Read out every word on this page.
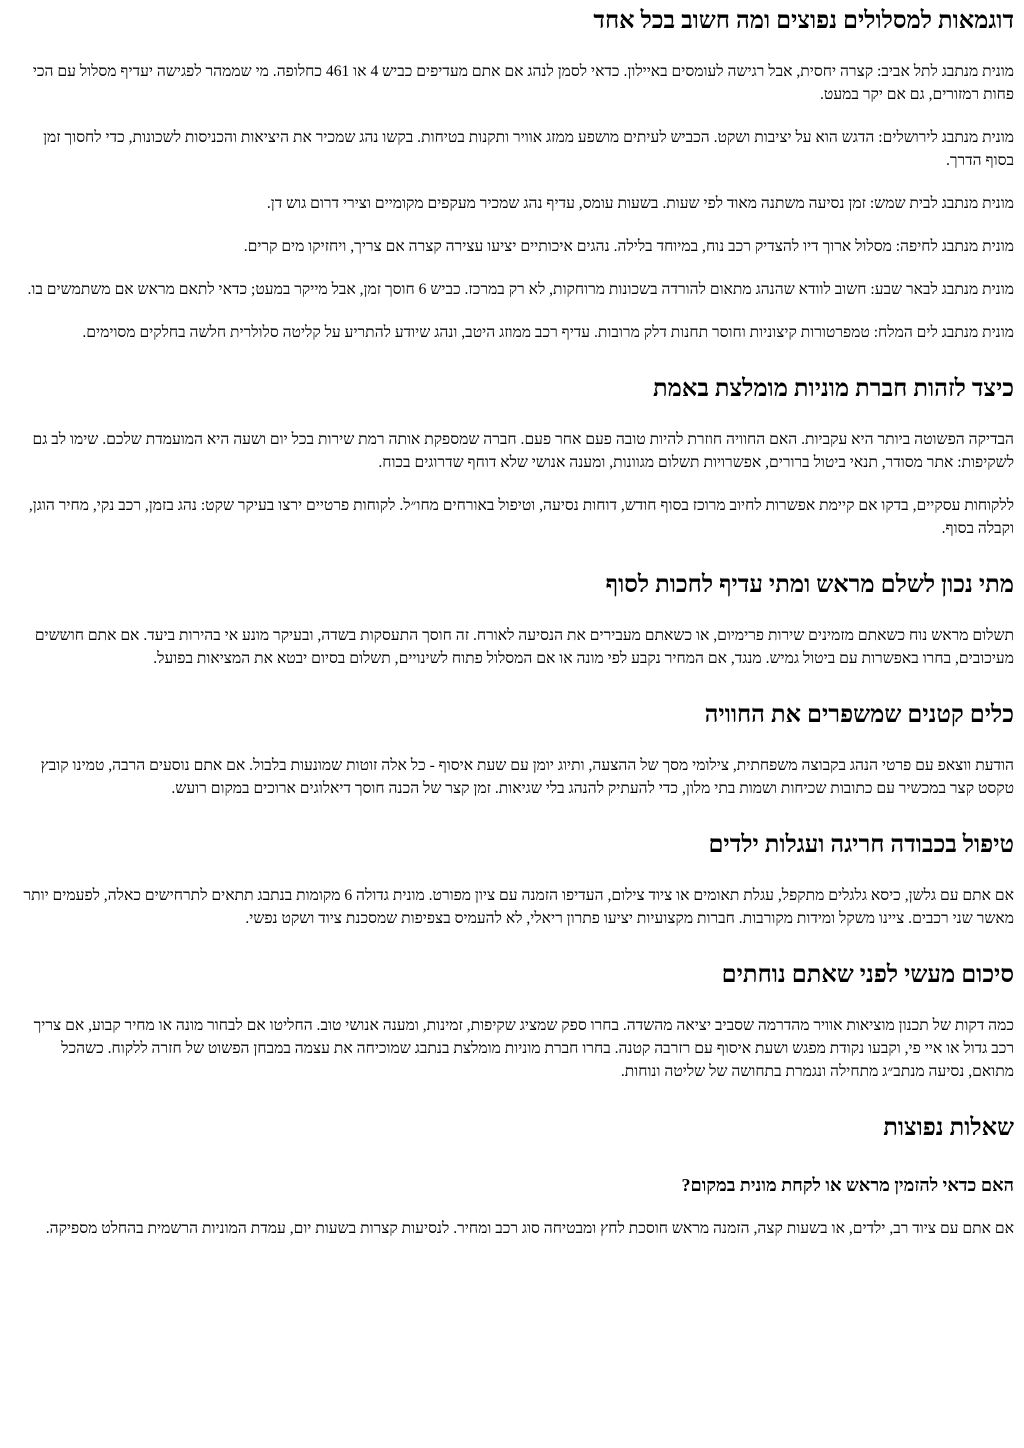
דוגמאות למסלולים נפוצים ומה חשוב בכל אחד

מונית מנתבג לתל אביב: קצרה יחסית, אבל רגישה לעומסים באיילון. כדאי לסמן לנהג אם אתם מעדיפים כביש 4 או 461 כחלופה. מי שממהר לפגישה יעדיף מסלול עם הכי פחות רמזורים, גם אם יקר במעט.

מונית מנתבג לירושלים: הדגש הוא על יציבות ושקט. הכביש לעיתים מושפע ממזג אוויר ותקנות בטיחות. בקשו נהג שמכיר את היציאות והכניסות לשכונות, כדי לחסוך זמן בסוף הדרך.

מונית מנתבג לבית שמש: זמן נסיעה משתנה מאוד לפי שעות. בשעות עומס, עדיף נהג שמכיר מעקפים מקומיים וצירי דרום גוש דן.

מונית מנתבג לחיפה: מסלול ארוך דיו להצדיק רכב נוח, במיוחד בלילה. נהגים איכותיים יציעו עצירה קצרה אם צריך, ויחזיקו מים קרים.

מונית מנתבג לבאר שבע: חשוב לוודא שהנהג מתאום להורדה בשכונות מרוחקות, לא רק במרכז. כביש 6 חוסך זמן, אבל מייקר במעט; כדאי לתאם מראש אם משתמשים בו.

מונית מנתבג לים המלח: טמפרטורות קיצוניות וחוסר תחנות דלק מרובות. עדיף רכב ממוזג היטב, ונהג שיודע להתריע על קליטה סלולרית חלשה בחלקים מסוימים.

כיצד לזהות חברת מוניות מומלצת באמת

הבדיקה הפשוטה ביותר היא עקביות. האם החוויה חוזרת להיות טובה פעם אחר פעם. חברה שמספקת אותה רמת שירות בכל יום ושעה היא המועמדת שלכם. שימו לב גם לשקיפות: אתר מסודר, תנאי ביטול ברורים, אפשרויות תשלום מגוונות, ומענה אנושי שלא דוחף שדרוגים בכוח.

ללקוחות עסקיים, בדקו אם קיימת אפשרות לחיוב מרוכז בסוף חודש, דוחות נסיעה, וטיפול באורחים מחו״ל. לקוחות פרטיים ירצו בעיקר שקט: נהג בזמן, רכב נקי, מחיר הוגן, וקבלה בסוף.

מתי נכון לשלם מראש ומתי עדיף לחכות לסוף

תשלום מראש נוח כשאתם מזמינים שירות פרימיום, או כשאתם מעבירים את הנסיעה לאורח. זה חוסך התעסקות בשדה, ובעיקר מונע אי בהירות ביעד. אם אתם חוששים מעיכובים, בחרו באפשרות עם ביטול גמיש. מנגד, אם המחיר נקבע לפי מונה או אם המסלול פתוח לשינויים, תשלום בסיום יבטא את המציאות בפועל.

כלים קטנים שמשפרים את החוויה

הודעת ווצאפ עם פרטי הנהג בקבוצה משפחתית, צילומי מסך של ההצעה, ותיוג יומן עם שעת איסוף - כל אלה זוטות שמונעות בלבול. אם אתם נוסעים הרבה, טמינו קובץ טקסט קצר במכשיר עם כתובות שכיחות ושמות בתי מלון, כדי להעתיק להנהג בלי שגיאות. זמן קצר של הכנה חוסך דיאלוגים ארוכים במקום רועש.

טיפול בכבודה חריגה ועגלות ילדים

אם אתם עם גלשן, כיסא גלגלים מתקפל, עגלת תאומים או ציוד צילום, העדיפו הזמנה עם ציון מפורט. מונית גדולה 6 מקומות בנתבג תתאים לתרחישים כאלה, לפעמים יותר מאשר שני רכבים. ציינו משקל ומידות מקורבות. חברות מקצועיות יציעו פתרון ריאלי, לא להעמיס בצפיפות שמסכנת ציוד ושקט נפשי.

סיכום מעשי לפני שאתם נוחתים

כמה דקות של תכנון מוציאות אוויר מהדרמה שסביב יציאה מהשדה. בחרו ספק שמציג שקיפות, זמינות, ומענה אנושי טוב. החליטו אם לבחור מונה או מחיר קבוע, אם צריך רכב גדול או איי פי, וקבעו נקודת מפגש ושעת איסוף עם רזרבה קטנה. בחרו חברת מוניות מומלצת בנתבג שמוכיחה את עצמה במבחן הפשוט של חזרה ללקוח. כשהכל מתואם, נסיעה מנתב״ג מתחילה ונגמרת בתחושה של שליטה ונוחות.

שאלות נפוצות
האם כדאי להזמין מראש או לקחת מונית במקום?

אם אתם עם ציוד רב, ילדים, או בשעות קצה, הזמנה מראש חוסכת לחץ ומבטיחה סוג רכב ומחיר. לנסיעות קצרות בשעות יום, עמדת המוניות הרשמית בהחלט מספיקה.
